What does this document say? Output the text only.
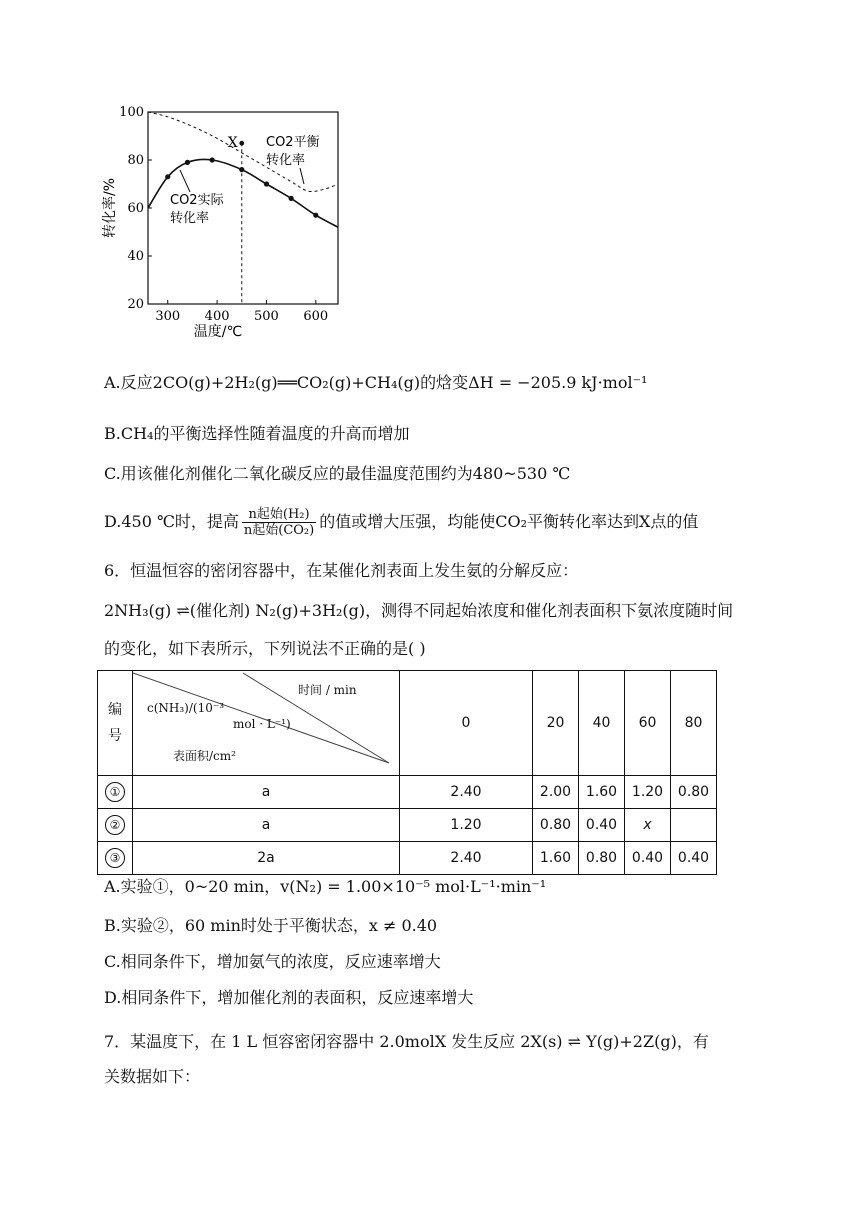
300 400 500 600
20
40
60
80
100
温度/℃
转化率/%
X CO2平衡
转化率
CO2实际
转化率
A.反应2CO(g)+2H₂(g)══CO₂(g)+CH₄(g)的焓变ΔH = −205.9 kJ·mol⁻¹
B.CH₄的平衡选择性随着温度的升高而增加
C.用该催化剂催化二氧化碳反应的最佳温度范围约为480~530 ℃
D.450 ℃时，提高 $\frac{\text{n起始(H₂)}}{\text{n起始(CO₂)}}$ 的值或增大压强，均能使CO₂平衡转化率达到X点的值
6．恒温恒容的密闭容器中，在某催化剂表面上发生氨的分解反应：
2NH₃(g) ⇌(催化剂) N₂(g)+3H₂(g)，测得不同起始浓度和催化剂表面积下氨浓度随时间
的变化，如下表所示，下列说法不正确的是( )
编
号	时间 / min
c(NH₃)/(10⁻³
mol · L⁻¹)
表面积/cm²	0	20	40	60	80
①	a	2.40	2.00	1.60	1.20	0.80
②	a	1.20	0.80	0.40	x	
③	2a	2.40	1.60	0.80	0.40	0.40
A.实验①，0~20 min，v(N₂) = 1.00×10⁻⁵ mol·L⁻¹·min⁻¹
B.实验②，60 min时处于平衡状态，x ≠ 0.40
C.相同条件下，增加氨气的浓度，反应速率增大
D.相同条件下，增加催化剂的表面积，反应速率增大
7．某温度下，在 1 L 恒容密闭容器中 2.0molX 发生反应 2X(s) ⇌ Y(g)+2Z(g)，有
关数据如下：
